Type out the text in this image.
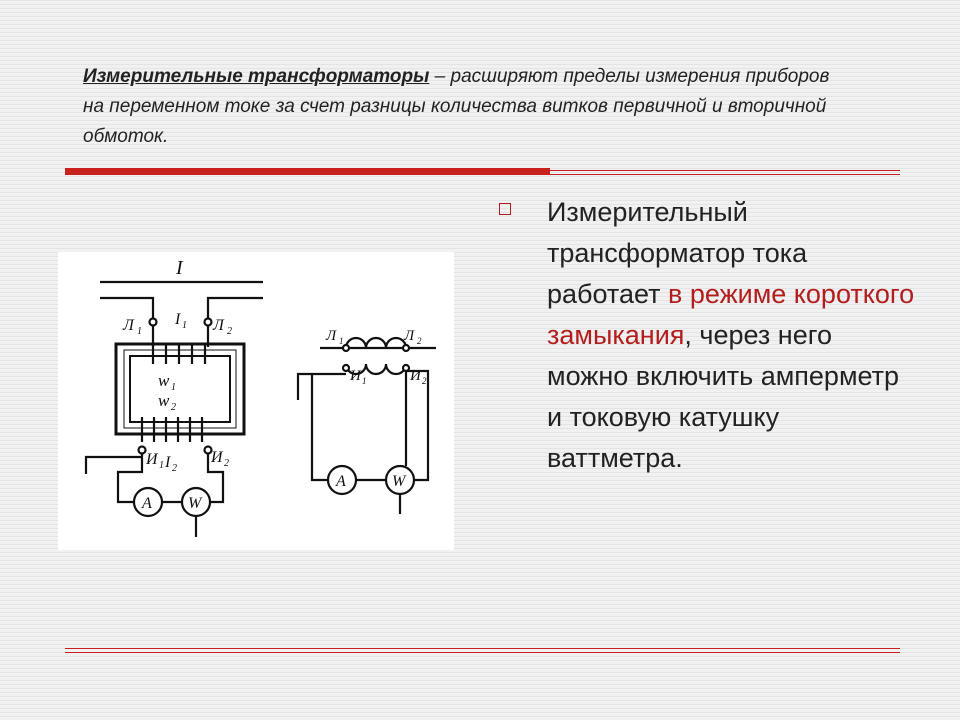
Измерительные трансформаторы – расширяют пределы измерения приборов на переменном токе за счет разницы количества витков первичной и вторичной обмоток.
I
Л 1
I 1 Л 2
w 1
w 2
И 1 I 2
И 2
A W
Л 1	Л 2
И 1	И 2
A	W
Измерительный трансформатор тока работает в режиме короткого замыкания, через него можно включить амперметр и токовую катушку ваттметра.
